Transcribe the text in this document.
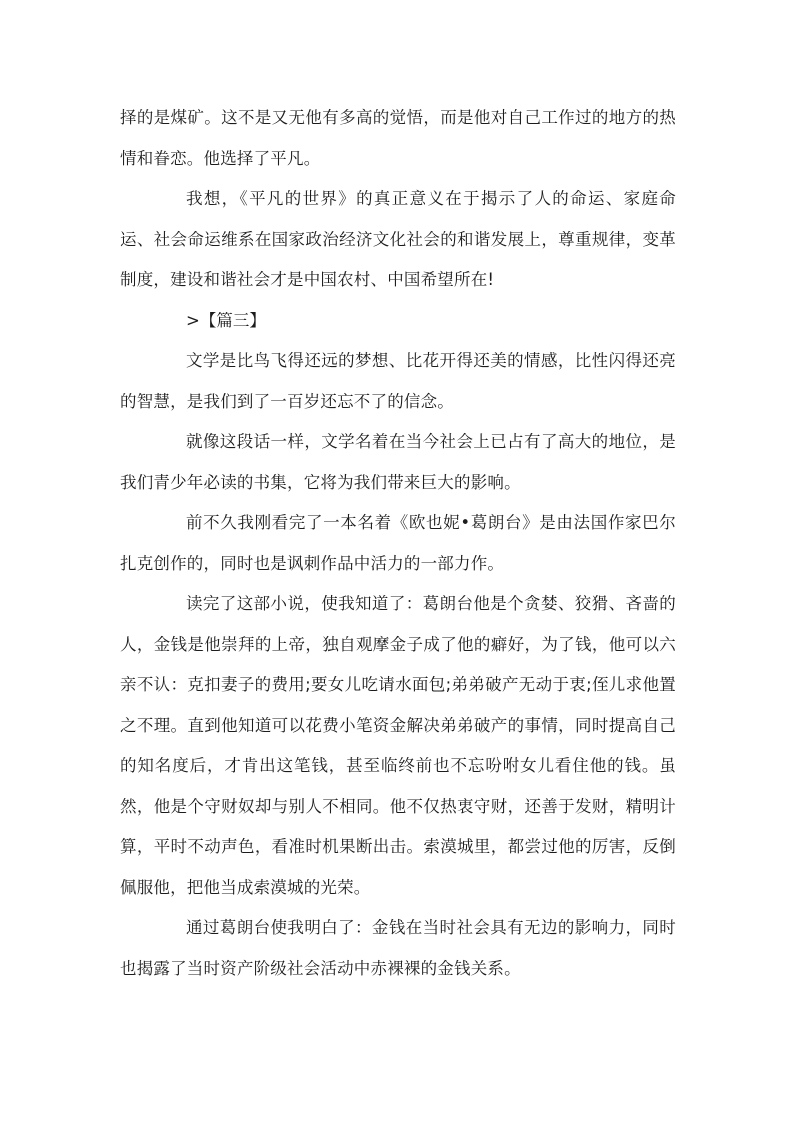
择的是煤矿。这不是又无他有多高的觉悟，而是他对自己工作过的地方的热情和眷恋。他选择了平凡。

我想，《平凡的世界》的真正意义在于揭示了人的命运、家庭命运、社会命运维系在国家政治经济文化社会的和谐发展上，尊重规律，变革制度，建设和谐社会才是中国农村、中国希望所在!

>【篇三】

文学是比鸟飞得还远的梦想、比花开得还美的情感，比性闪得还亮的智慧，是我们到了一百岁还忘不了的信念。

就像这段话一样，文学名着在当今社会上已占有了高大的地位，是我们青少年必读的书集，它将为我们带来巨大的影响。

前不久我刚看完了一本名着《欧也妮•葛朗台》是由法国作家巴尔扎克创作的，同时也是讽刺作品中活力的一部力作。

读完了这部小说，使我知道了：葛朗台他是个贪婪、狡猾、吝啬的人，金钱是他崇拜的上帝，独自观摩金子成了他的癖好，为了钱，他可以六亲不认：克扣妻子的费用;要女儿吃请水面包;弟弟破产无动于衷;侄儿求他置之不理。直到他知道可以花费小笔资金解决弟弟破产的事情，同时提高自己的知名度后，才肯出这笔钱，甚至临终前也不忘吩咐女儿看住他的钱。虽然，他是个守财奴却与别人不相同。他不仅热衷守财，还善于发财，精明计算，平时不动声色，看准时机果断出击。索漠城里，都尝过他的厉害，反倒佩服他，把他当成索漠城的光荣。

通过葛朗台使我明白了：金钱在当时社会具有无边的影响力，同时也揭露了当时资产阶级社会活动中赤裸裸的金钱关系。
